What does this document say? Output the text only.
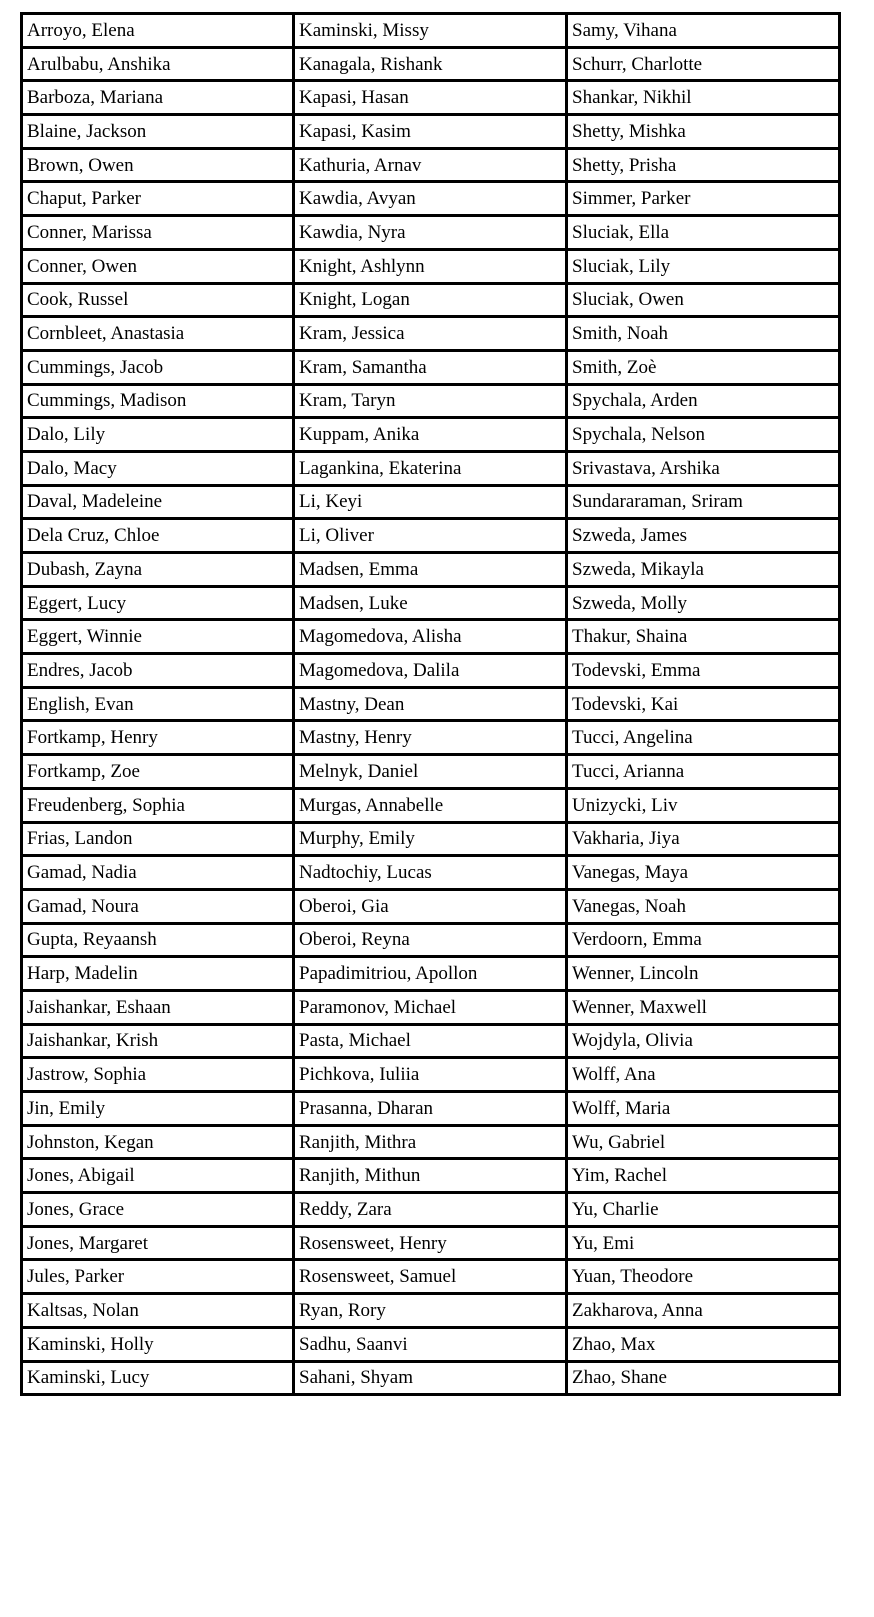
Arroyo, Elena	Kaminski, Missy	Samy, Vihana
Arulbabu, Anshika	Kanagala, Rishank	Schurr, Charlotte
Barboza, Mariana	Kapasi, Hasan	Shankar, Nikhil
Blaine, Jackson	Kapasi, Kasim	Shetty, Mishka
Brown, Owen	Kathuria, Arnav	Shetty, Prisha
Chaput, Parker	Kawdia, Avyan	Simmer, Parker
Conner, Marissa	Kawdia, Nyra	Sluciak, Ella
Conner, Owen	Knight, Ashlynn	Sluciak, Lily
Cook, Russel	Knight, Logan	Sluciak, Owen
Cornbleet, Anastasia	Kram, Jessica	Smith, Noah
Cummings, Jacob	Kram, Samantha	Smith, Zoè
Cummings, Madison	Kram, Taryn	Spychala, Arden
Dalo, Lily	Kuppam, Anika	Spychala, Nelson
Dalo, Macy	Lagankina, Ekaterina	Srivastava, Arshika
Daval, Madeleine	Li, Keyi	Sundararaman, Sriram
Dela Cruz, Chloe	Li, Oliver	Szweda, James
Dubash, Zayna	Madsen, Emma	Szweda, Mikayla
Eggert, Lucy	Madsen, Luke	Szweda, Molly
Eggert, Winnie	Magomedova, Alisha	Thakur, Shaina
Endres, Jacob	Magomedova, Dalila	Todevski, Emma
English, Evan	Mastny, Dean	Todevski, Kai
Fortkamp, Henry	Mastny, Henry	Tucci, Angelina
Fortkamp, Zoe	Melnyk, Daniel	Tucci, Arianna
Freudenberg, Sophia	Murgas, Annabelle	Unizycki, Liv
Frias, Landon	Murphy, Emily	Vakharia, Jiya
Gamad, Nadia	Nadtochiy, Lucas	Vanegas, Maya
Gamad, Noura	Oberoi, Gia	Vanegas, Noah
Gupta, Reyaansh	Oberoi, Reyna	Verdoorn, Emma
Harp, Madelin	Papadimitriou, Apollon	Wenner, Lincoln
Jaishankar, Eshaan	Paramonov, Michael	Wenner, Maxwell
Jaishankar, Krish	Pasta, Michael	Wojdyla, Olivia
Jastrow, Sophia	Pichkova, Iuliia	Wolff, Ana
Jin, Emily	Prasanna, Dharan	Wolff, Maria
Johnston, Kegan	Ranjith, Mithra	Wu, Gabriel
Jones, Abigail	Ranjith, Mithun	Yim, Rachel
Jones, Grace	Reddy, Zara	Yu, Charlie
Jones, Margaret	Rosensweet, Henry	Yu, Emi
Jules, Parker	Rosensweet, Samuel	Yuan, Theodore
Kaltsas, Nolan	Ryan, Rory	Zakharova, Anna
Kaminski, Holly	Sadhu, Saanvi	Zhao, Max
Kaminski, Lucy	Sahani, Shyam	Zhao, Shane
